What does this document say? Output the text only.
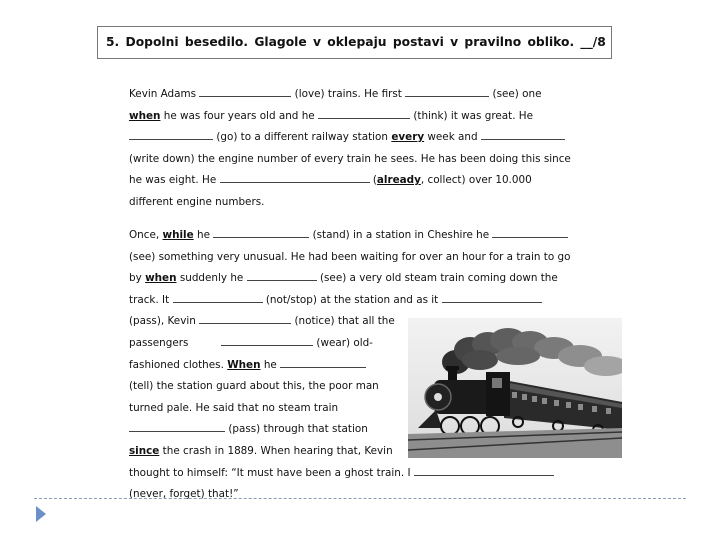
5. Dopolni besedilo. Glagole v oklepaju postavi v pravilno obliko. __/8
Kevin Adams	(love) trains. He first	(see) one
when he was four years old and he	(think) it was great. He
(go) to a different railway station every week and
(write down) the engine number of every train he sees. He has been doing this since
he was eight. He	(already, collect) over 10.000
different engine numbers.
Once, while he	(stand) in a station in Cheshire he
(see) something very unusual. He had been waiting for over an hour for a train to go
by when suddenly he	(see) a very old steam train coming down the
track. It	(not/stop) at the station and as it
(pass), Kevin	(notice) that all the
passengers	(wear) old-
fashioned clothes. When he
(tell) the station guard about this, the poor man
turned pale. He said that no steam train
(pass) through that station
since the crash in 1889. When hearing that, Kevin
thought to himself: “It must have been a ghost train. I
(never, forget) that!”
